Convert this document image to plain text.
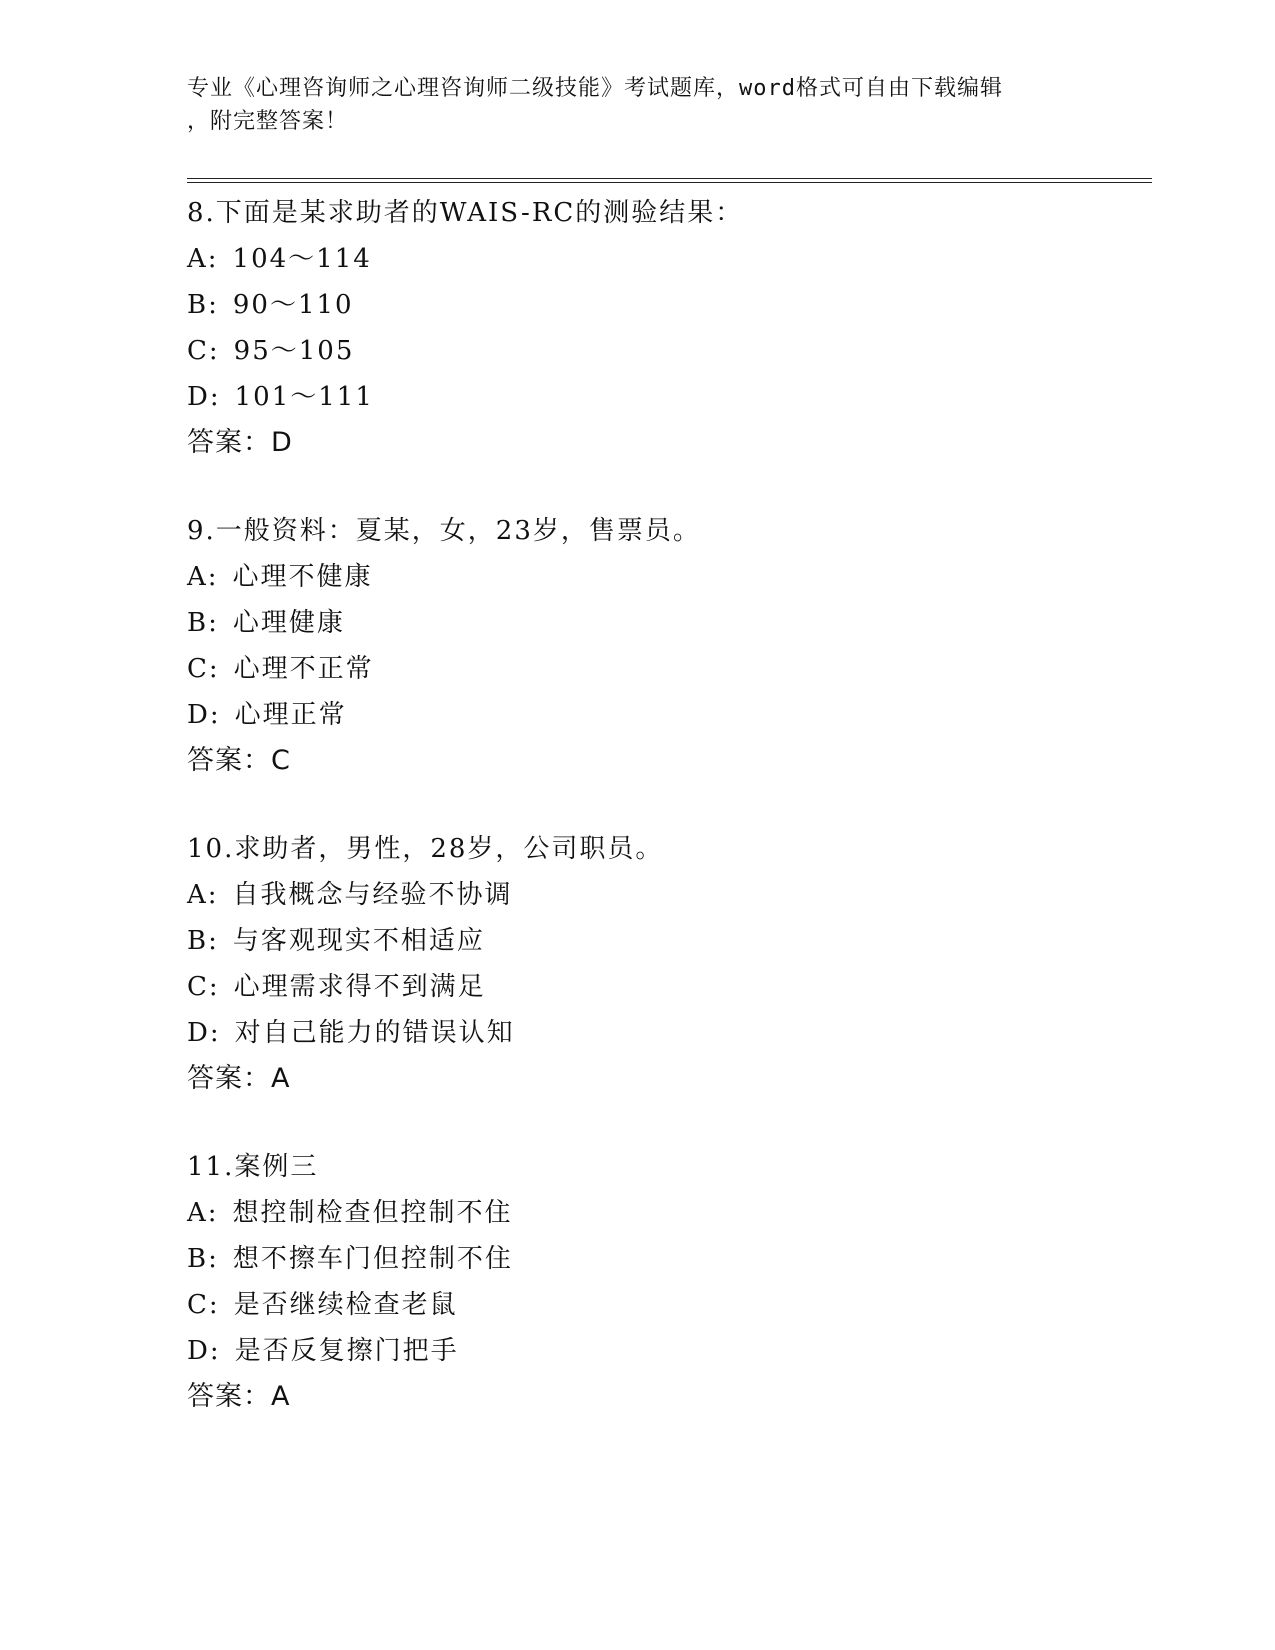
专业《心理咨询师之心理咨询师二级技能》考试题库，word格式可自由下载编辑
，附完整答案！
8.下面是某求助者的WAIS-RC的测验结果：
A: 104～114
B: 90～110
C: 95～105
D: 101～111
答案：D
9.一般资料：夏某，女，23岁，售票员。
A: 心理不健康
B: 心理健康
C: 心理不正常
D: 心理正常
答案：C
10.求助者，男性，28岁，公司职员。
A: 自我概念与经验不协调
B: 与客观现实不相适应
C: 心理需求得不到满足
D: 对自己能力的错误认知
答案：A
11.案例三
A: 想控制检查但控制不住
B: 想不擦车门但控制不住
C: 是否继续检查老鼠
D: 是否反复擦门把手
答案：A
